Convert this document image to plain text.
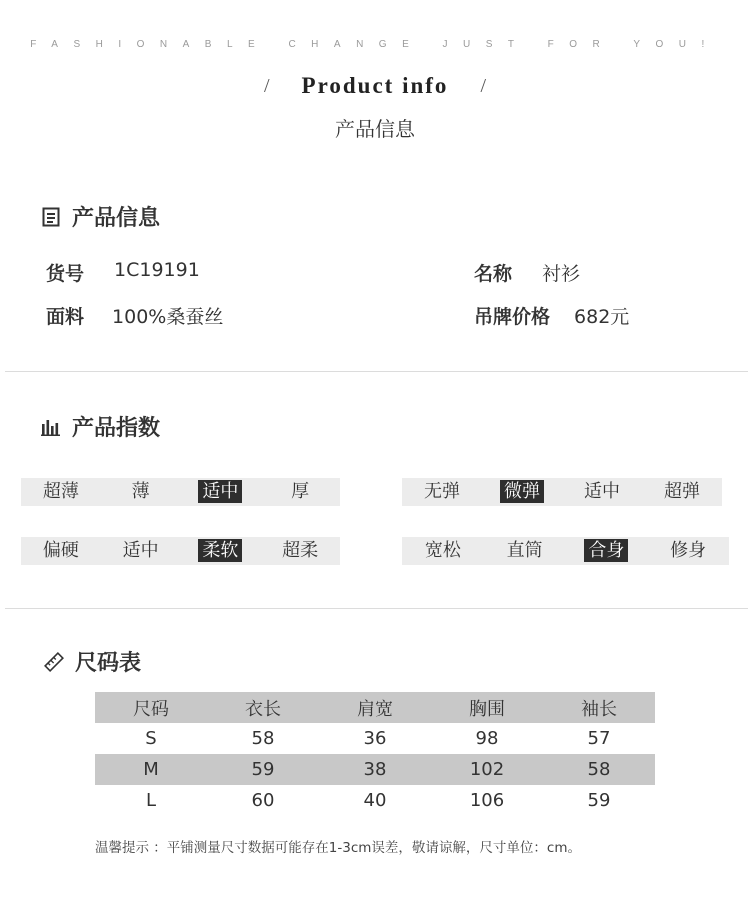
FASHIONABLE CHANGE JUST FOR YOU!
/ Product info /
产品信息
产品信息
货号 1C19191	名称 衬衫
面料 100%桑蚕丝	吊牌价格 682元
产品指数
超薄	薄	适中	厚	无弹	微弹	适中	超弹
偏硬	适中	柔软	超柔	宽松	直筒	合身	修身
尺码表
尺码	衣长	肩宽	胸围	袖长
S	58	36	98	57
M	59	38	102	58
L	60	40	106	59
温馨提示 ：平铺测量尺寸数据可能存在1-3cm误差，敬请谅解，尺寸单位：cm。
